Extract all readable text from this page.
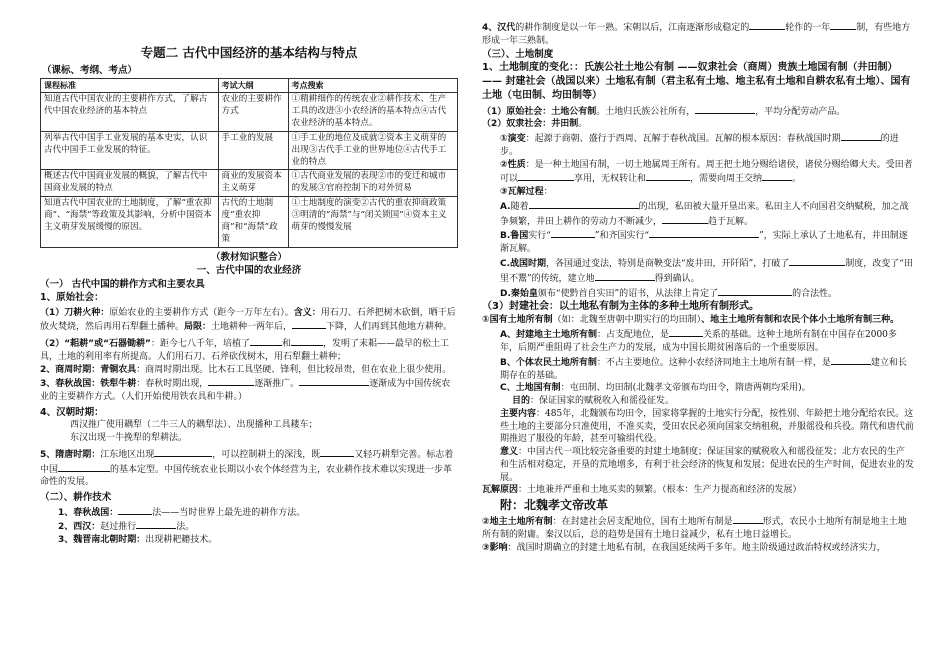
专题二 古代中国经济的基本结构与特点

（课标、考纲、考点）

课程标准	考试大纲	考点搜索
知道古代中国农业的主要耕作方式，了解古代中国农业经济的基本特点	农业的主要耕作方式	①精耕细作的传统农业②耕作技术、生产工具的改进③小农经济的基本特点④古代农业经济的基本特点。
列举古代中国手工业发展的基本史实，认识古代中国手工业发展的特征。	手工业的发展	①手工业的地位及成就②资本主义萌芽的出现③古代手工业的世界地位④古代手工业的特点
概述古代中国商业发展的概貌，了解古代中国商业发展的特点	商业的发展资本主义萌芽	①古代商业发展的表现②市的变迁和城市的发展③官府控制下的对外贸易
知道古代中国农业的土地制度，了解“重农抑商”、“海禁”等政策及其影响，分析中国资本主义萌芽发展缓慢的原因。	古代的土地制度“重农抑商”和“海禁”政策	①土地制度的演变②古代的重农抑商政策③明清的“海禁”与“闭关锁国”④资本主义萌芽的慢慢发展

（教材知识整合）

一、古代中国的农业经济

（一） 古代中国的耕作方式和主要农具

1、原始社会：

（1）刀耕火种：原始农业的主要耕作方式（距今一万年左右）。含义：用石刀、石斧把树木砍倒，晒干后放火焚烧，然后再用石犁翻土播种。局限：土地耕种一两年后，	下降，人们再到其他地方耕种。

（2）“耜耕”或“石器锄耕”：距今七八千年，培植了	和	，发明了耒耜——最早的松土工具，土地的利用率有所提高。人们用石刀、石斧砍伐树木，用石犁翻土耕种；

2、商周时期：青铜农具：商周时期出现。比木石工具坚硬、锋利，但比较昂贵，但在农业上很少使用。

3、春秋战国：铁犁牛耕：春秋时期出现，	逐渐推广。	逐渐成为中国传统农业的主要耕作方式。（人们开始使用铁农具和牛耕。）

4、汉朝时期：

西汉推广使用耦犁（二牛三人的耦犁法）、出现播种工具耧车；

东汉出现一牛挽犁的犁耕法。

5、隋唐时期：江东地区出现	，可以控制耕土的深浅，既	又轻巧耕犁完善。标志着中国	的基本定型。中国传统农业长期以小农个体经营为主，农业耕作技术难以实现进一步革命性的发展。

（二）、耕作技术

1、春秋战国：	法——当时世界上最先进的耕作方法。

2、西汉：赵过推行	法。

3、魏晋南北朝时期：出现耕耙耱技术。

4、汉代的耕作制度是以一年一熟。宋朝以后，江南逐渐形成稳定的	轮作的一年	制，有些地方形成一年三熟制。

（三）、土地制度

1、土地制度的变化：：氏族公社土地公有制 ——奴隶社会（商周）贵族土地国有制（井田制）—— 封建社会（战国以来）土地私有制（君主私有土地、地主私有土地和自耕农私有土地）、国有土地（屯田制、均田制等）

（1）原始社会：土地公有制。土地归氏族公社所有，	，平均分配劳动产品。

（2）奴隶社会：井田制。

①演变：起源于商朝、盛行于西周、瓦解于春秋战国。瓦解的根本原因：春秋战国时期	的进步。

②性质：是一种土地国有制，一切土地属周王所有。周王把土地分赐给诸侯，诸侯分赐给卿大夫。受田者可以	享用，无权转让和	，需要向周王交纳	。

③瓦解过程：

A.随着	的出现，私田被大量开垦出来。私田主人不向国君交纳赋税，加之战争频繁，井田上耕作的劳动力不断减少，	趋于瓦解。

B.鲁国实行“	”和齐国实行“	”，实际上承认了土地私有，井田制逐渐瓦解。

C.战国时期，各国通过变法，特别是商鞅变法“废井田，开阡陌”，打破了	制度，改变了“田里不鬻”的传统，建立地	得到确认。

D.秦始皇颁布“使黔首自实田”的诏书，从法律上肯定了	的合法性。

（3）封建社会：以土地私有制为主体的多种土地所有制形式。

①国有土地所有制（如：北魏至唐朝中期实行的均田制）、地主土地所有制和农民个体小土地所有制三种。

A、封建地主土地所有制：占支配地位，是	关系的基础。这种土地所有制在中国存在2000多年，后期严重阻碍了社会生产力的发展，成为中国长期贫困落后的一个重要原因。

B、个体农民土地所有制：不占主要地位。这种小农经济同地主土地所有制一样，是	建立和长期存在的基础。

C、土地国有制：屯田制、均田制(北魏孝文帝颁布均田令，隋唐两朝均采用)。

目的：保证国家的赋税收入和徭役征发。

主要内容：485年，北魏颁布均田令，国家将掌握的土地实行分配，按性别、年龄把土地分配给农民。这些土地的主要部分只准使用，不准买卖，受田农民必须向国家交纳租税，并服徭役和兵役。隋代和唐代前期推迟了服役的年龄，甚至可输绢代役。

意义：中国古代一项比较完备重要的封建土地制度；保证国家的赋税收入和徭役征发；北方农民的生产和生活相对稳定，开垦的荒地增多，有利于社会经济的恢复和发展；促进农民的生产时间，促进农业的发展。

瓦解原因：土地兼并严重和土地买卖的频繁。（根本：生产力提高和经济的发展）

附：北魏孝文帝改革

②地主土地所有制：在封建社会居支配地位，国有土地所有制是	形式，农民小土地所有制是地主土地所有制的附庸。秦汉以后，总的趋势是国有土地日益减少，私有土地日益增长。

③影响：战国时期确立的封建土地私有制，在我国延续两千多年。地主阶级通过政治特权或经济实力，
